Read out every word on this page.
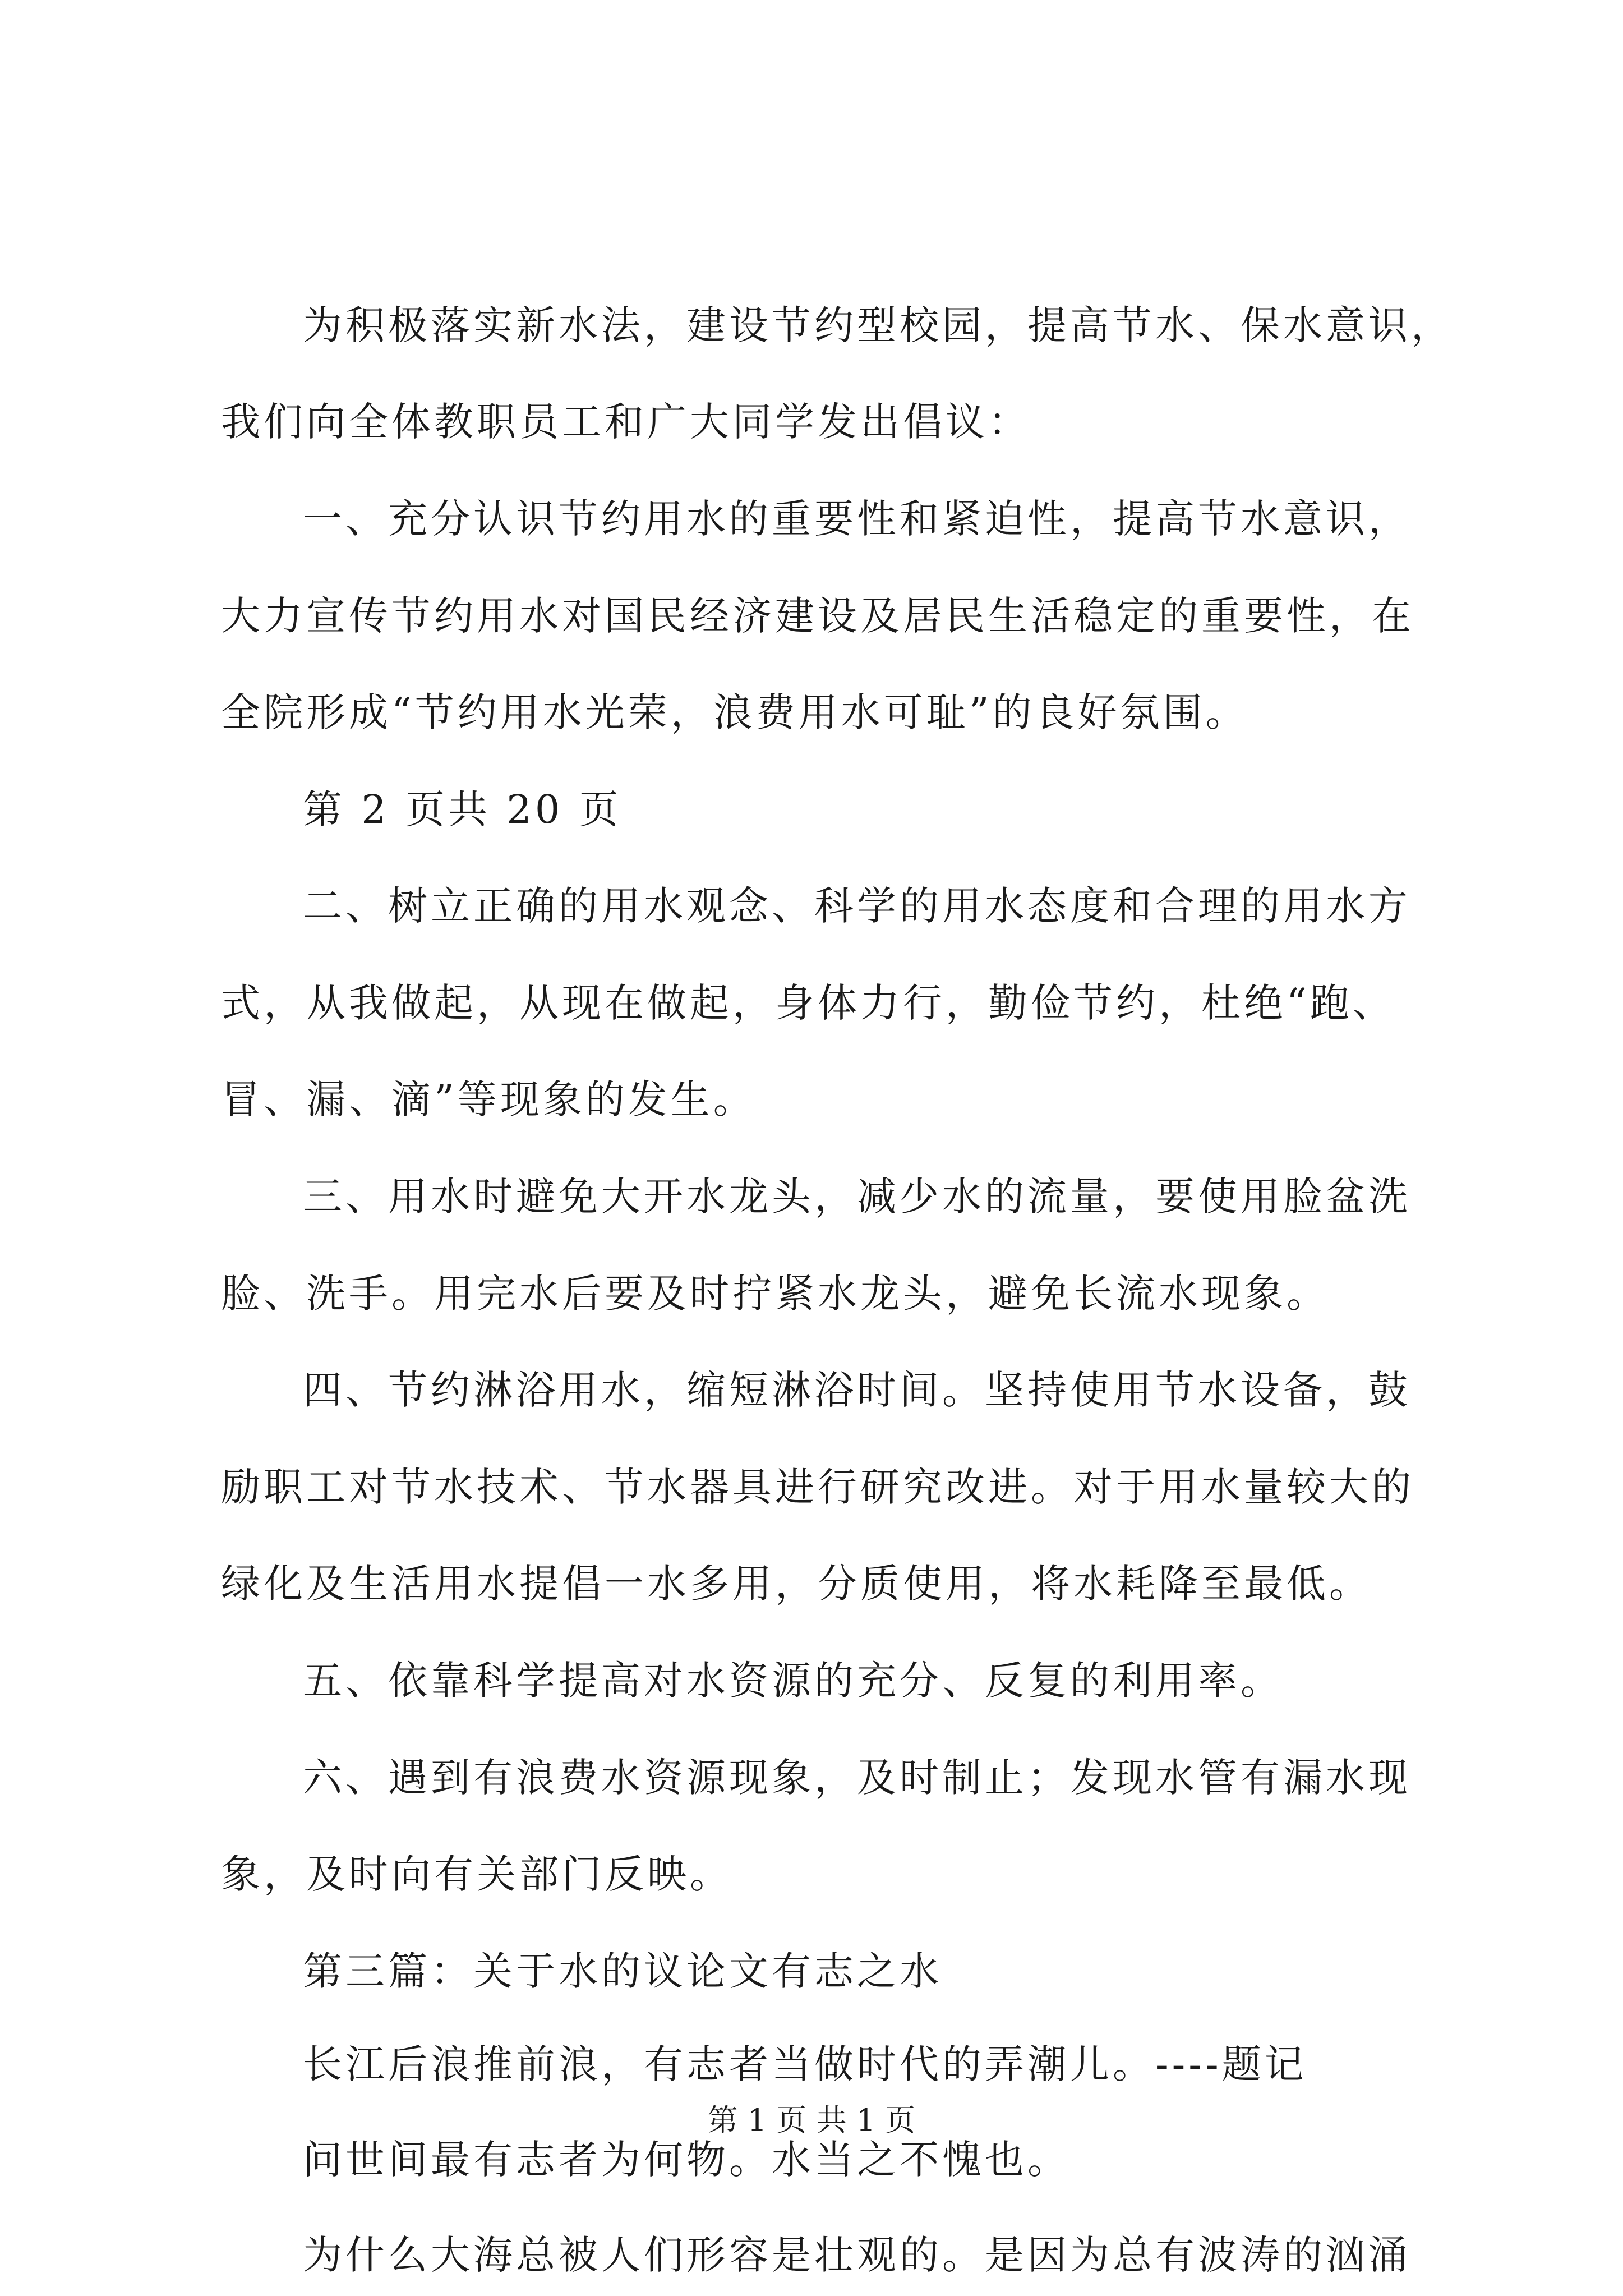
为积极落实新水法，建设节约型校园，提高节水、保水意识，
我们向全体教职员工和广大同学发出倡议：
一、充分认识节约用水的重要性和紧迫性，提高节水意识，
大力宣传节约用水对国民经济建设及居民生活稳定的重要性，在
全院形成“节约用水光荣，浪费用水可耻”的良好氛围。
第 2 页共 20 页
二、树立正确的用水观念、科学的用水态度和合理的用水方
式，从我做起，从现在做起，身体力行，勤俭节约，杜绝“跑、
冒、漏、滴”等现象的发生。
三、用水时避免大开水龙头，减少水的流量，要使用脸盆洗
脸、洗手。用完水后要及时拧紧水龙头，避免长流水现象。
四、节约淋浴用水，缩短淋浴时间。坚持使用节水设备，鼓
励职工对节水技术、节水器具进行研究改进。对于用水量较大的
绿化及生活用水提倡一水多用，分质使用，将水耗降至最低。
五、依靠科学提高对水资源的充分、反复的利用率。
六、遇到有浪费水资源现象，及时制止；发现水管有漏水现
象，及时向有关部门反映。
第三篇：关于水的议论文有志之水
长江后浪推前浪，有志者当做时代的弄潮儿。----题记
问世间最有志者为何物。水当之不愧也。
为什么大海总被人们形容是壮观的。是因为总有波涛的汹涌
第 1 页 共 1 页
